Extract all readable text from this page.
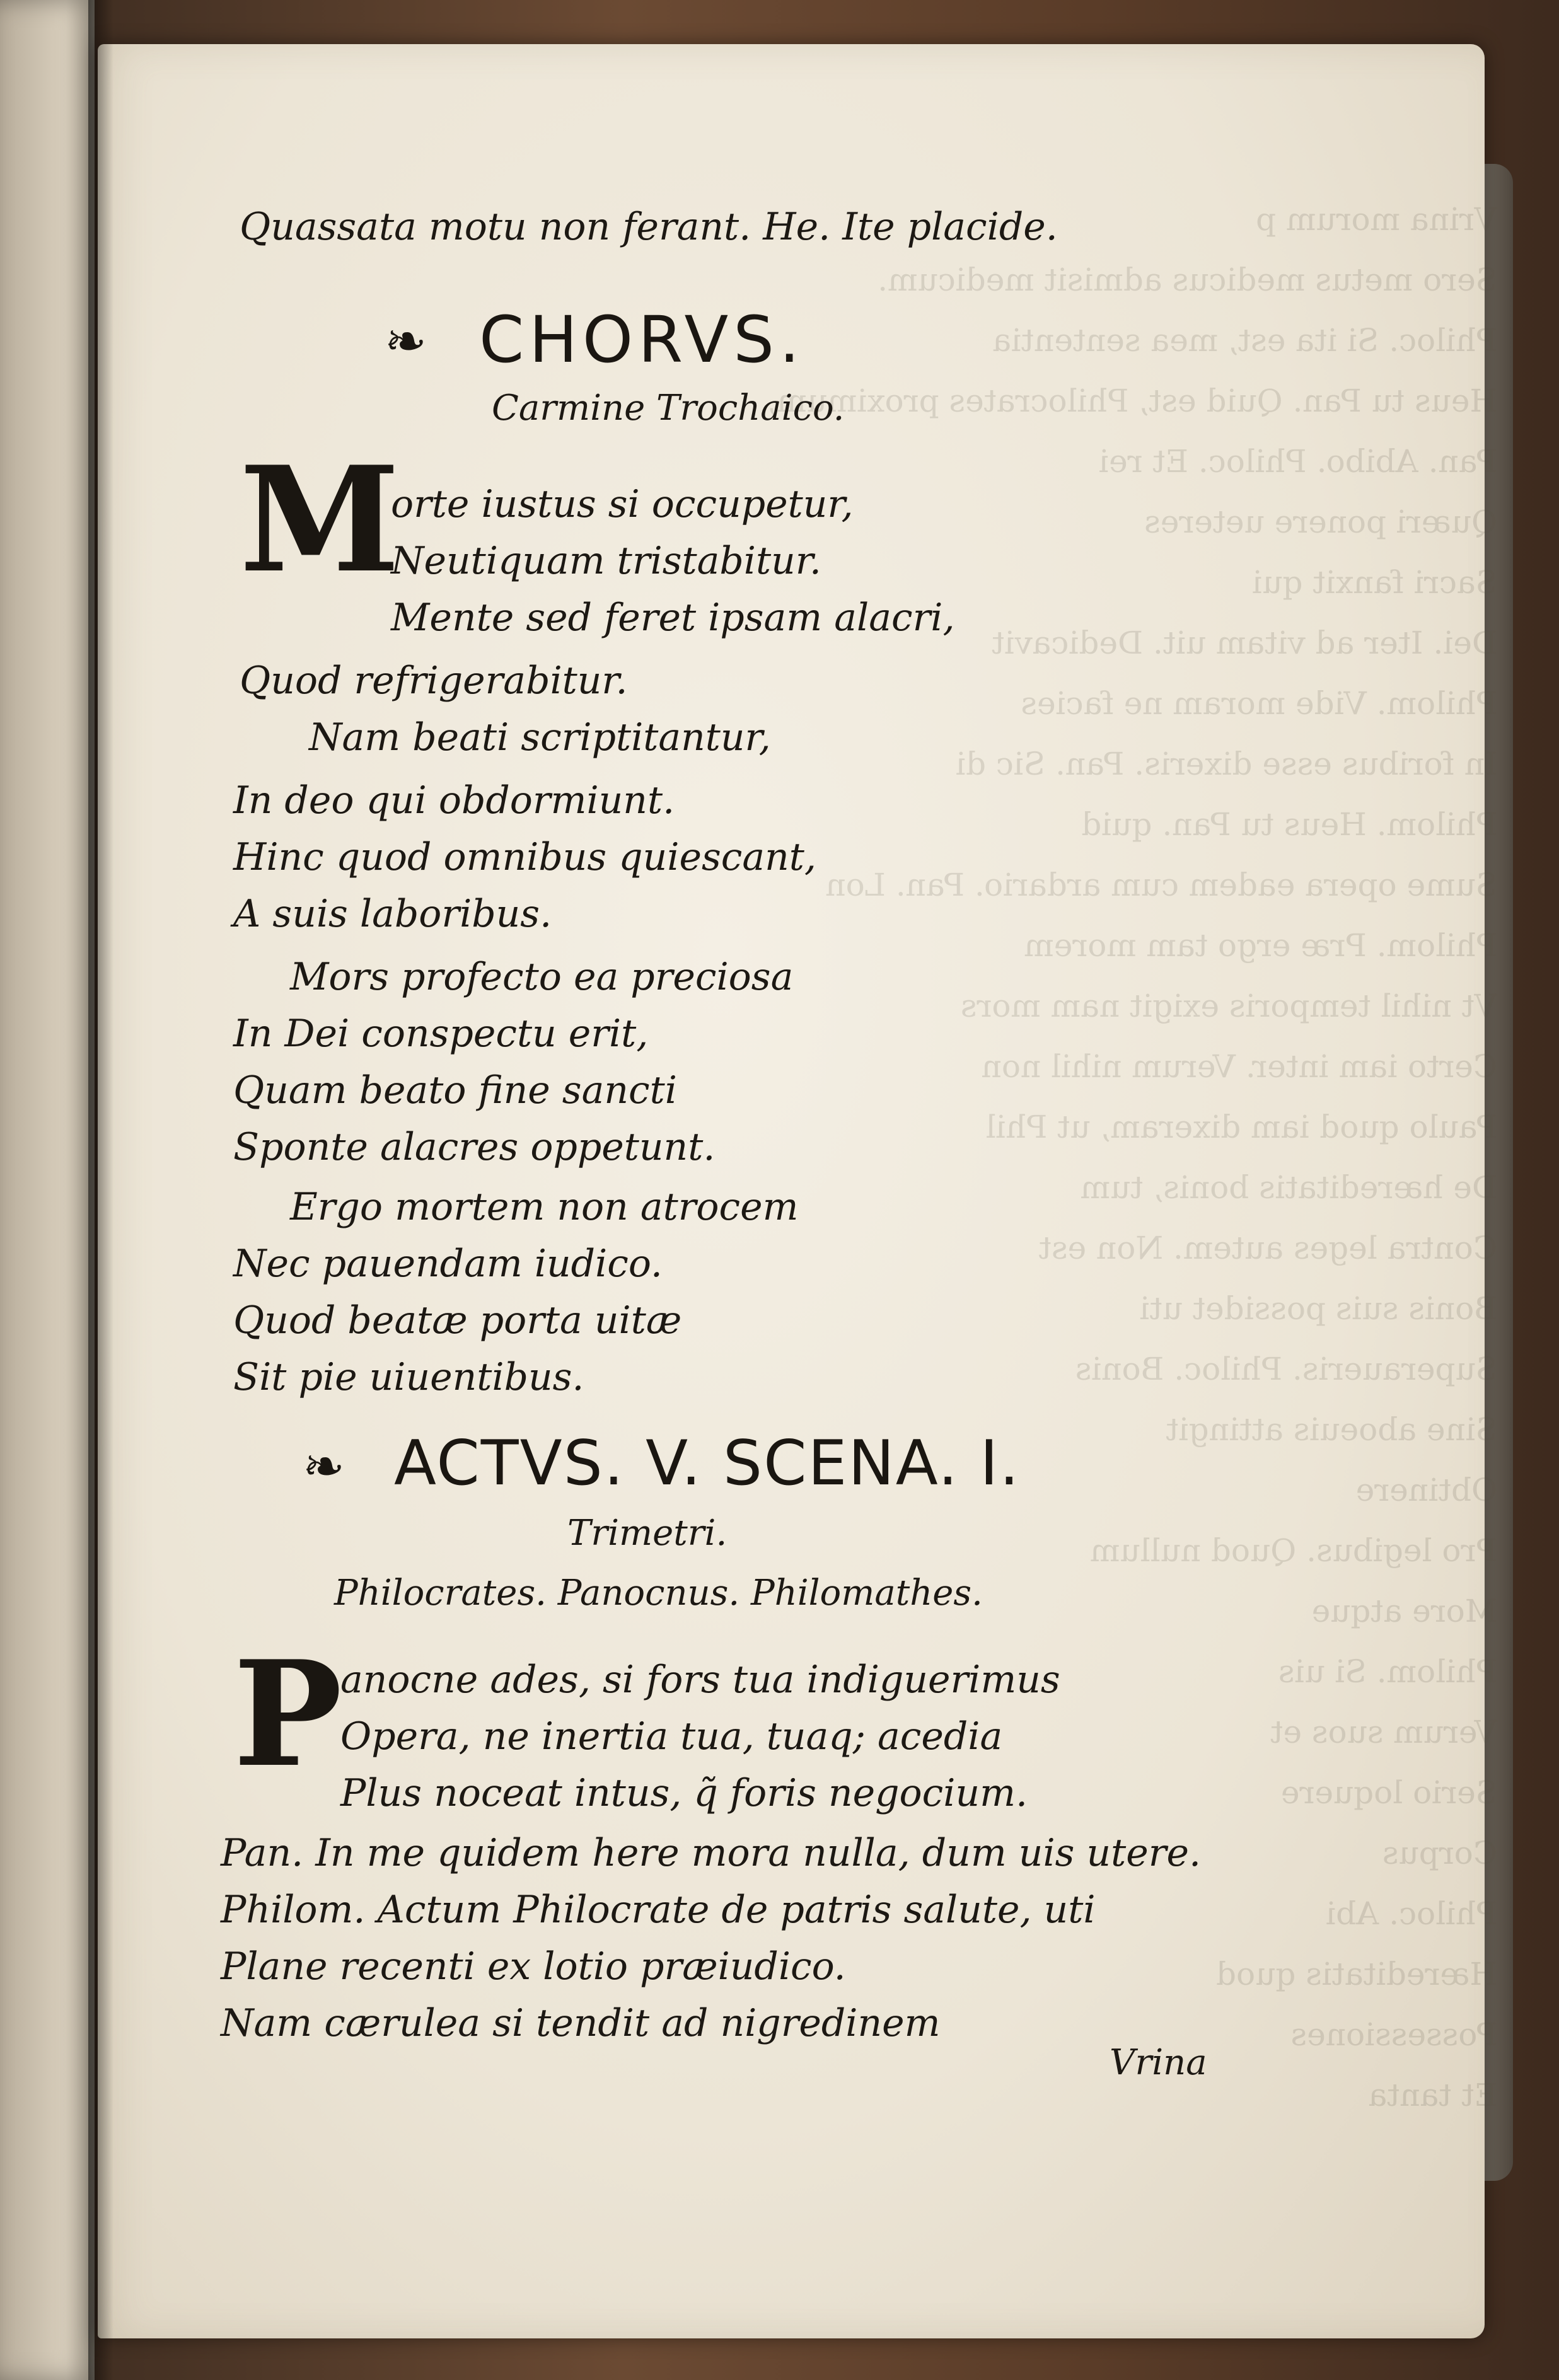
Vrina morum p
Sero metus medicus admisit medicum.
Philoc. Si ita est, mea sententia
Heus tu Pan. Quid est, Philocrates proximum,
Pan. Abibo. Philoc. Et rei
Quæri ponere ueteres
Sacri fanxit qui
Dei. Iter ad vitam uit. Dedicavit
Philom. Vide moram ne facies
In foribus esse dixeris. Pan. Sic di
Philom. Heus tu Pan. quid
Sume opera eadem cum ardario. Pan. Lon
Philom. Præ ergo tam morem
Vt nihil temporis exigit nam mors
Certo iam inter. Verum nihil non
Paulo quod iam dixeram, ut Phil
De hæreditatis bonis, tum
Contra leges autem. Non est
Bonis suis possidet uti
Superaueris. Philoc. Bonis
Sine aboeuis attingit
Obtinere
Pro legibus. Quod nullum
More atque
Philom. Si uis
Verum suos et
Serio loquere
Corpus
Philoc. Abi
Hæreditatis quod
Possessiones
Et tanta
Quassata motu non ferant. He. Ite placide.
❧ CHORVS.
Carmine Trochaico.
M
orte iustus si occupetur,
Neutiquam tristabitur.
Mente sed feret ipsam alacri,
Quod refrigerabitur.
Nam beati scriptitantur,
In deo qui obdormiunt.
Hinc quod omnibus quiescant,
A suis laboribus.
Mors profecto ea preciosa
In Dei conspectu erit,
Quam beato fine sancti
Sponte alacres oppetunt.
Ergo mortem non atrocem
Nec pauendam iudico.
Quod beatæ porta uitæ
Sit pie uiuentibus.
❧ ACTVS. V. SCENA. I.
Trimetri.
Philocrates. Panocnus. Philomathes.
P
anocne ades, si fors tua indiguerimus
Opera, ne inertia tua, tuaq; acedia
Plus noceat intus, q̃ foris negocium.
Pan. In me quidem here mora nulla, dum uis utere.
Philom. Actum Philocrate de patris salute, uti
Plane recenti ex lotio præiudico.
Nam cærulea si tendit ad nigredinem
Vrina
